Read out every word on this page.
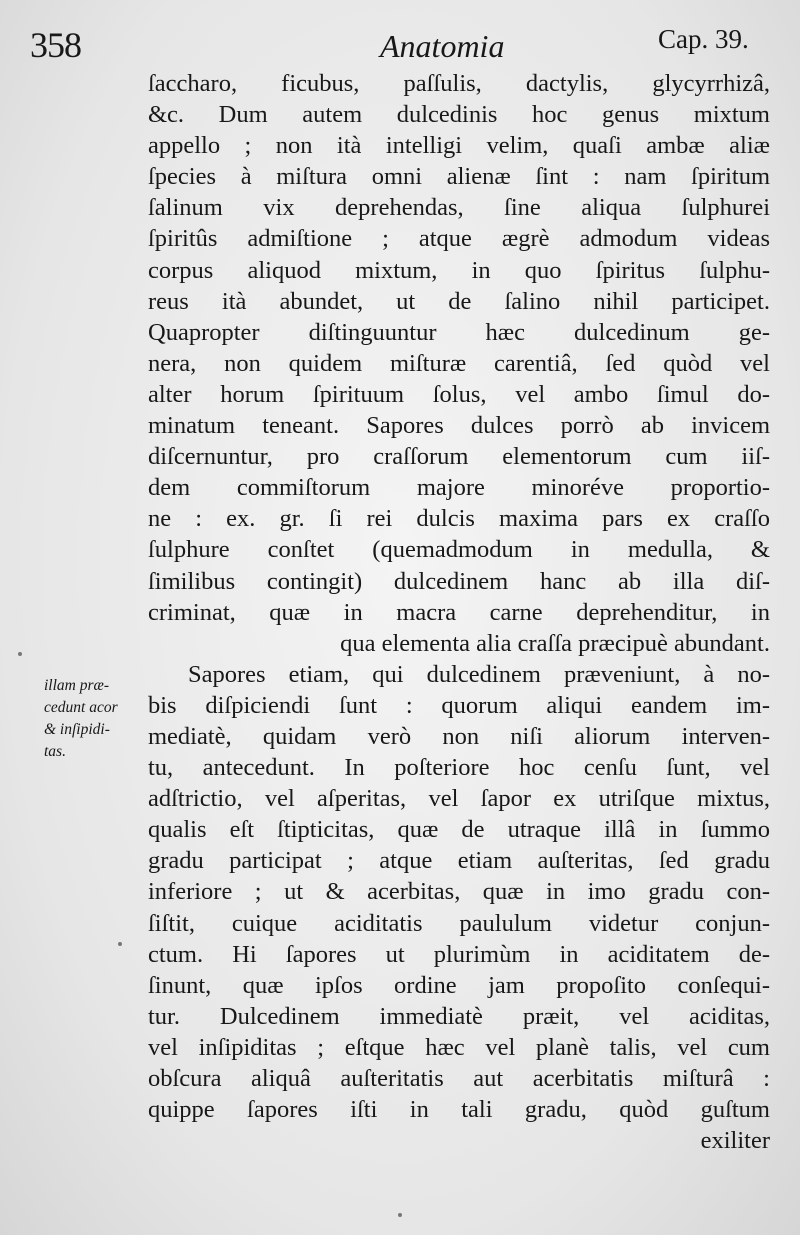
358	Anatomia	Cap. 39.
ſaccharo, ficubus, paſſulis, dactylis, glycyrrhizâ,
&c. Dum autem dulcedinis hoc genus mixtum
appello ; non ità intelligi velim, quaſi ambæ aliæ
ſpecies à miſtura omni alienæ ſint : nam ſpiritum
ſalinum vix deprehendas, ſine aliqua ſulphurei
ſpiritûs admiſtione ; atque ægrè admodum videas
corpus aliquod mixtum, in quo ſpiritus ſulphu-
reus ità abundet, ut de ſalino nihil participet.
Quapropter diſtinguuntur hæc dulcedinum ge-
nera, non quidem miſturæ carentiâ, ſed quòd vel
alter horum ſpirituum ſolus, vel ambo ſimul do-
minatum teneant. Sapores dulces porrò ab invicem
diſcernuntur, pro craſſorum elementorum cum iiſ-
dem commiſtorum majore minoréve proportio-
ne : ex. gr. ſi rei dulcis maxima pars ex craſſo
ſulphure conſtet (quemadmodum in medulla, &
ſimilibus contingit) dulcedinem hanc ab illa diſ-
criminat, quæ in macra carne deprehenditur, in
qua elementa alia craſſa præcipuè abundant.
Sapores etiam, qui dulcedinem præveniunt, à no-
bis diſpiciendi ſunt : quorum aliqui eandem im-
mediatè, quidam verò non niſi aliorum interven-
tu, antecedunt. In poſteriore hoc cenſu ſunt, vel
adſtrictio, vel aſperitas, vel ſapor ex utriſque mixtus,
qualis eſt ſtipticitas, quæ de utraque illâ in ſummo
gradu participat ; atque etiam auſteritas, ſed gradu
inferiore ; ut & acerbitas, quæ in imo gradu con-
ſiſtit, cuique aciditatis paululum videtur conjun-
ctum. Hi ſapores ut plurimùm in aciditatem de-
ſinunt, quæ ipſos ordine jam propoſito conſequi-
tur. Dulcedinem immediatè præit, vel aciditas,
vel inſipiditas ; eſtque hæc vel planè talis, vel cum
obſcura aliquâ auſteritatis aut acerbitatis miſturâ :
quippe ſapores iſti in tali gradu, quòd guſtum
exiliter
illam præ-
cedunt acor
& inſipidi-
tas.
